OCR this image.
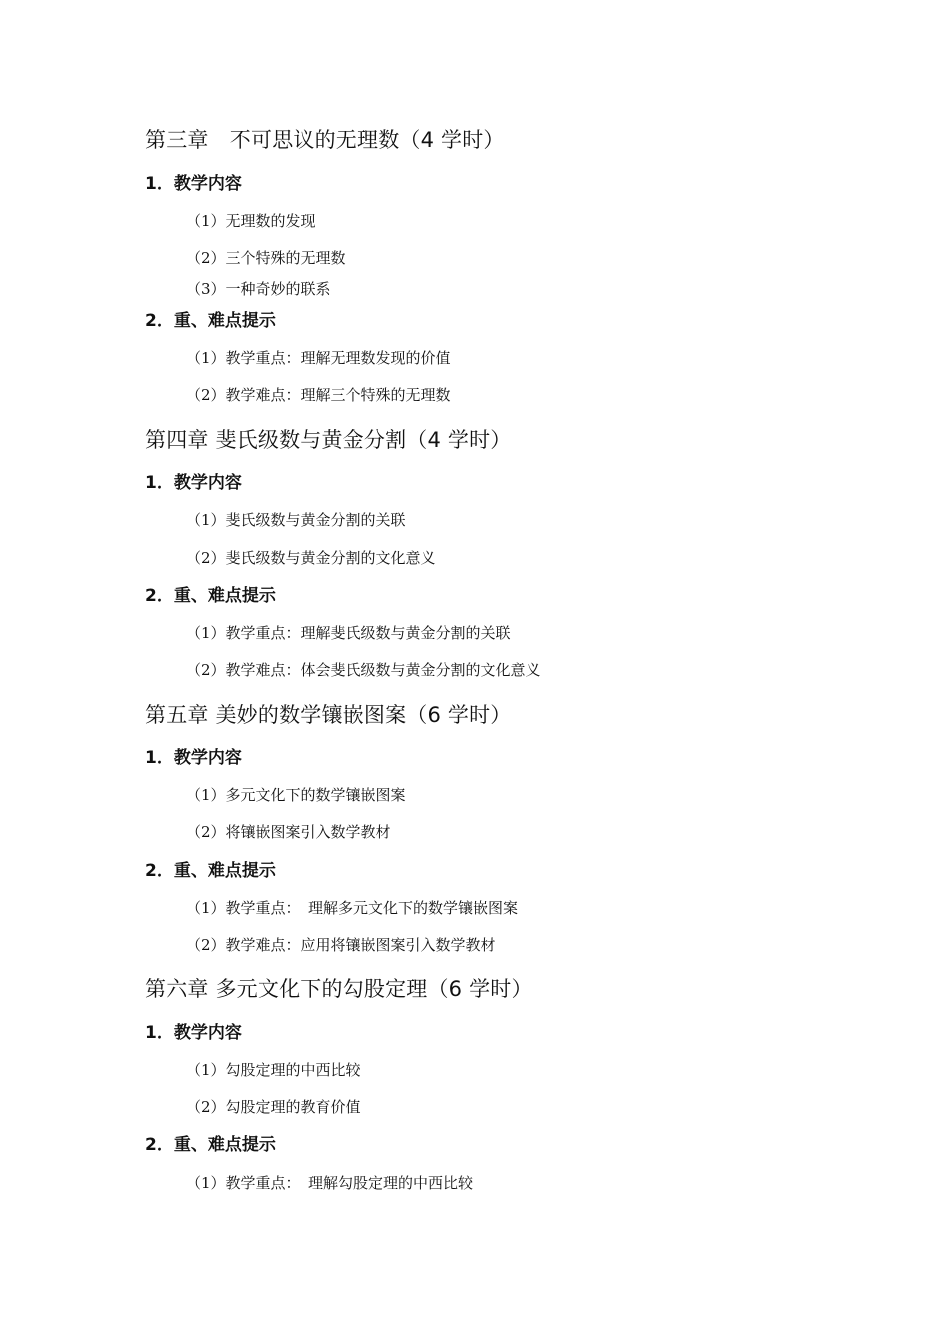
第三章　不可思议的无理数（4 学时）
1．教学内容
（1）无理数的发现
（2）三个特殊的无理数
（3）一种奇妙的联系
2．重、难点提示
（1）教学重点：理解无理数发现的价值
（2）教学难点：理解三个特殊的无理数
第四章 斐氏级数与黄金分割（4 学时）
1．教学内容
（1）斐氏级数与黄金分割的关联
（2）斐氏级数与黄金分割的文化意义
2．重、难点提示
（1）教学重点：理解斐氏级数与黄金分割的关联
（2）教学难点：体会斐氏级数与黄金分割的文化意义
第五章 美妙的数学镶嵌图案（6 学时）
1．教学内容
（1）多元文化下的数学镶嵌图案
（2）将镶嵌图案引入数学教材
2．重、难点提示
（1）教学重点：　理解多元文化下的数学镶嵌图案
（2）教学难点：应用将镶嵌图案引入数学教材
第六章 多元文化下的勾股定理（6 学时）
1．教学内容
（1）勾股定理的中西比较
（2）勾股定理的教育价值
2．重、难点提示
（1）教学重点：　理解勾股定理的中西比较
